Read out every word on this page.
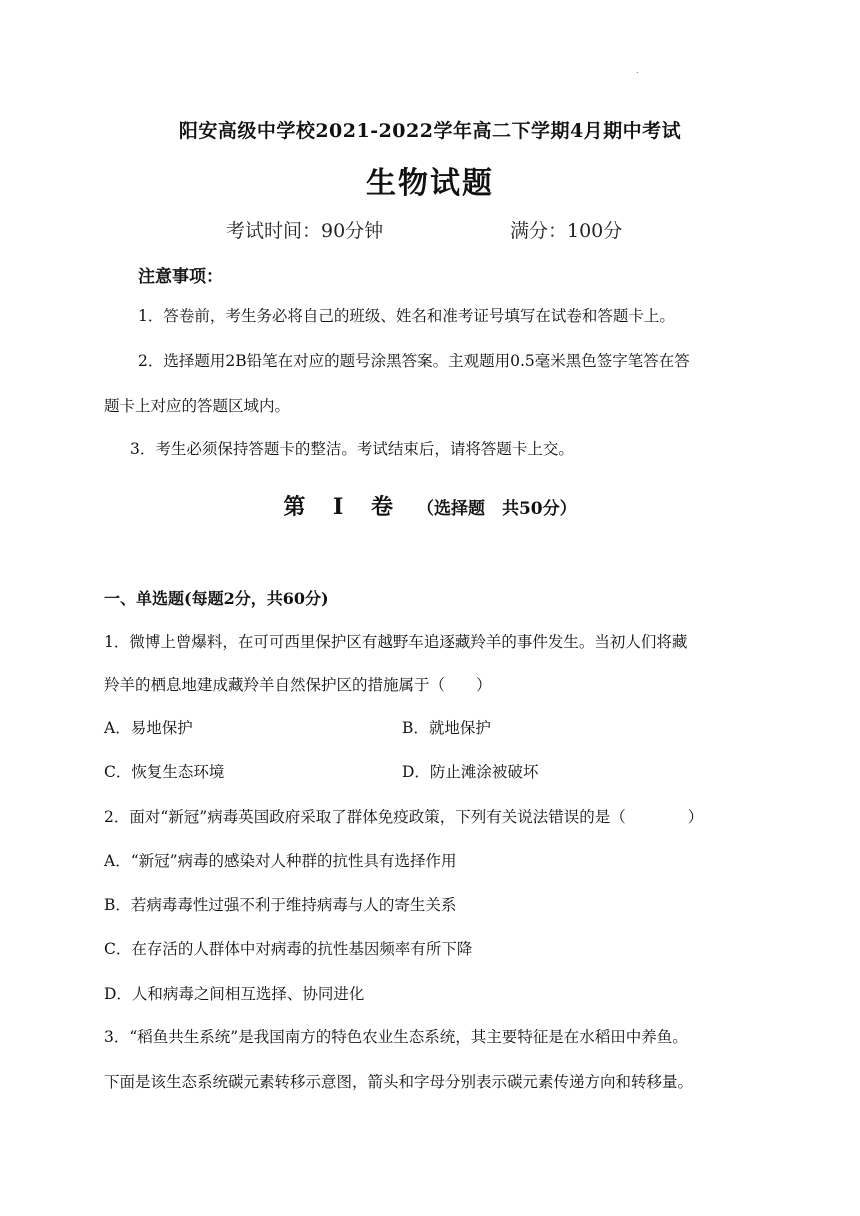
.
阳安高级中学校2021-2022学年高二下学期4月期中考试
生物试题
考试时间：90分钟	满分：100分
注意事项：
1．答卷前，考生务必将自己的班级、姓名和准考证号填写在试卷和答题卡上。
2．选择题用2B铅笔在对应的题号涂黑答案。主观题用0.5毫米黑色签字笔答在答
题卡上对应的答题区域内。
3．考生必须保持答题卡的整洁。考试结束后，请将答题卡上交。
第 Ⅰ 卷 （选择题　共50分）
一、单选题(每题2分，共60分)
1．微博上曾爆料，在可可西里保护区有越野车追逐藏羚羊的事件发生。当初人们将藏
羚羊的栖息地建成藏羚羊自然保护区的措施属于（　　）
A．易地保护	B．就地保护
C．恢复生态环境	D．防止滩涂被破坏
2．面对“新冠”病毒英国政府采取了群体免疫政策，下列有关说法错误的是（　　　　）
A．“新冠”病毒的感染对人种群的抗性具有选择作用
B．若病毒毒性过强不利于维持病毒与人的寄生关系
C．在存活的人群体中对病毒的抗性基因频率有所下降
D．人和病毒之间相互选择、协同进化
3．“稻鱼共生系统”是我国南方的特色农业生态系统，其主要特征是在水稻田中养鱼。
下面是该生态系统碳元素转移示意图，箭头和字母分别表示碳元素传递方向和转移量。
